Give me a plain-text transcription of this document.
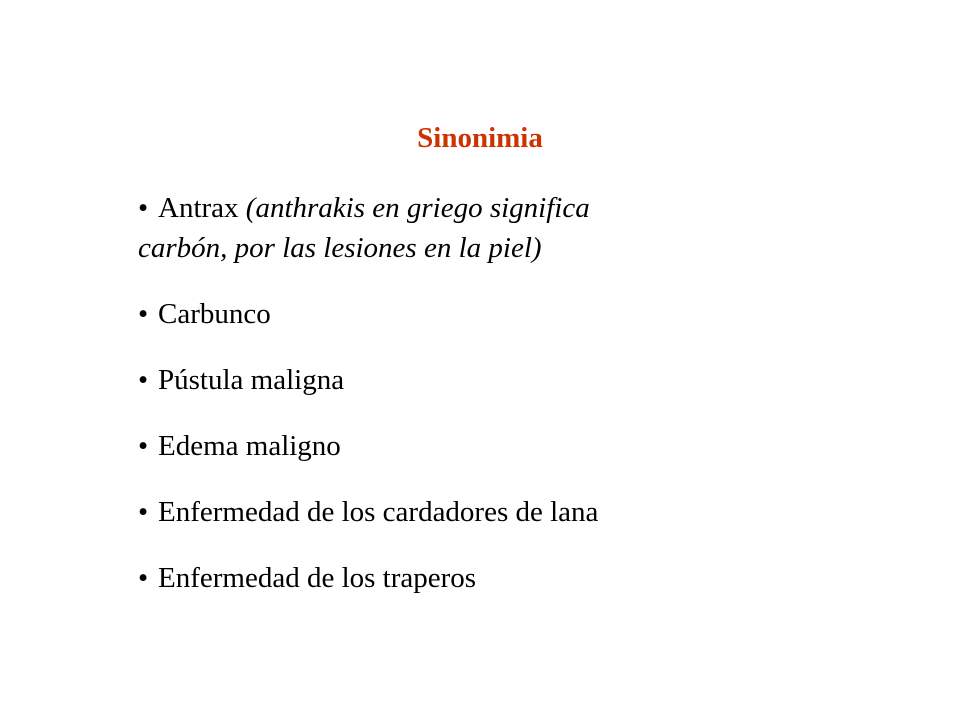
Sinonimia
• Antrax (anthrakis en griego significa
carbón, por las lesiones en la piel)
• Carbunco
• Pústula maligna
• Edema maligno
• Enfermedad de los cardadores de lana
• Enfermedad de los traperos
